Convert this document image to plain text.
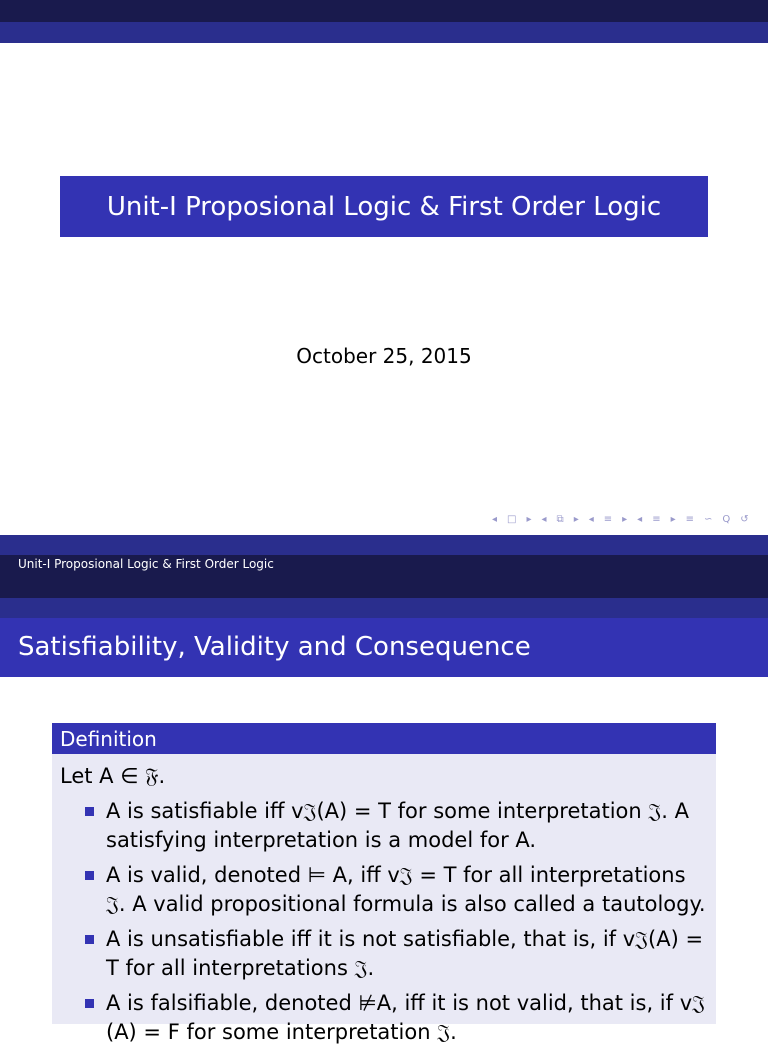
Unit-I Proposional Logic & First Order Logic
October 25, 2015
◂ □ ▸ ◂ ⧉ ▸ ◂ ≡ ▸ ◂ ≡ ▸ ≡ ∽ Q ↺
Unit-I Proposional Logic & First Order Logic
Satisfiability, Validity and Consequence
Definition
Let A ∈ 𝔉.
A is satisfiable iff v𝔍(A) = T for some interpretation 𝔍. A satisfying interpretation is a model for A.
A is valid, denoted ⊨ A, iff v𝔍 = T for all interpretations 𝔍. A valid propositional formula is also called a tautology.
A is unsatisfiable iff it is not satisfiable, that is, if v𝔍(A) = T for all interpretations 𝔍.
A is falsifiable, denoted ⊭A, iff it is not valid, that is, if v𝔍 (A) = F for some interpretation 𝔍.
